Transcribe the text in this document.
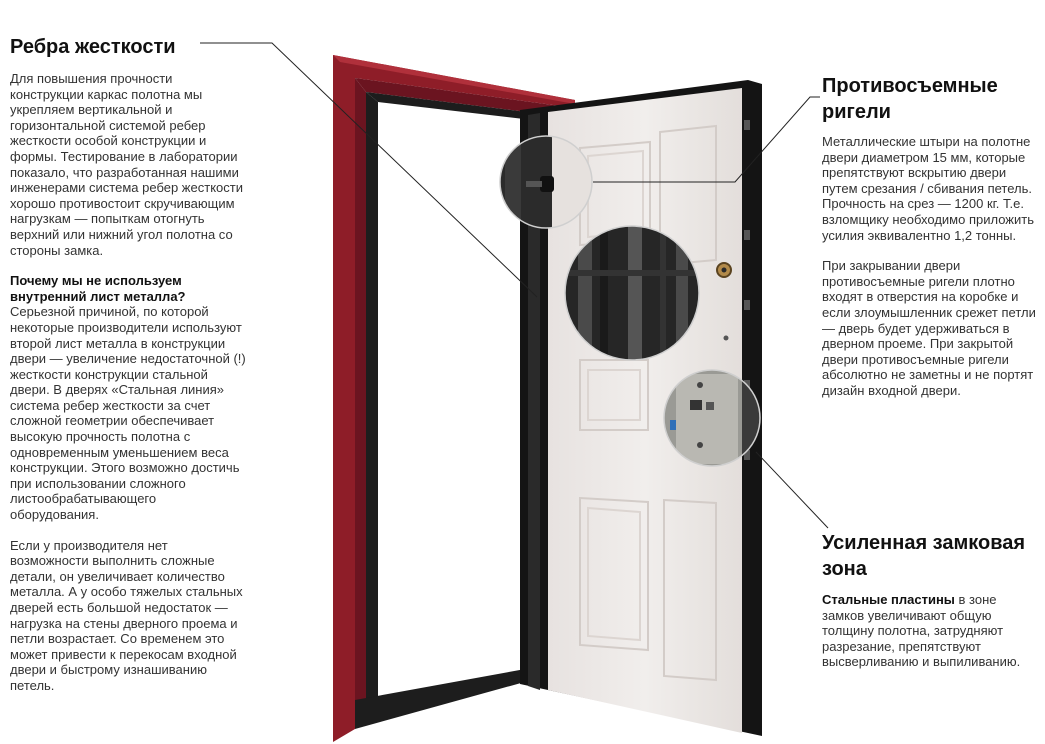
Ребра жесткости

Для повышения прочности конструкции каркас полотна мы укрепляем вертикальной и горизонтальной системой ребер жесткости особой конструкции и формы. Тестирование в лаборатории показало, что разработанная нашими инженерами система ребер жесткости хорошо противостоит скручивающим нагрузкам — попыткам отогнуть верхний или нижний угол полотна со стороны замка.

Почему мы не используем внутренний лист металла?
Серьезной причиной, по которой некоторые производители используют второй лист металла в конструкции двери — увеличение недостаточной (!) жесткости конструкции стальной двери. В дверях «Стальная линия» система ребер жесткости за счет сложной геометрии обеспечивает высокую прочность полотна с одновременным уменьшением веса конструкции. Этого возможно достичь при использовании сложного листообрабатывающего оборудования.

Если у производителя нет возможности выполнить сложные детали, он увеличивает количество металла. А у особо тяжелых стальных дверей есть большой недостаток — нагрузка на стены дверного проема и петли возрастает. Со временем это может привести к перекосам входной двери и быстрому изнашиванию петель.

Противосъемные ригели

Металлические штыри на полотне двери диаметром 15 мм, которые препятствуют вскрытию двери путем срезания / сбивания петель. Прочность на срез — 1200 кг. Т.е. взломщику необходимо приложить усилия эквивалентно 1,2 тонны.

При закрывании двери противосъемные ригели плотно входят в отверстия на коробке и если злоумышленник срежет петли — дверь будет удерживаться в дверном проеме. При закрытой двери противосъемные ригели абсолютно не заметны и не портят дизайн входной двери.

Усиленная замковая зона

Стальные пластины в зоне замков увеличивают общую толщину полотна, затрудняют разрезание, препятствуют высверливанию и выпиливанию.
